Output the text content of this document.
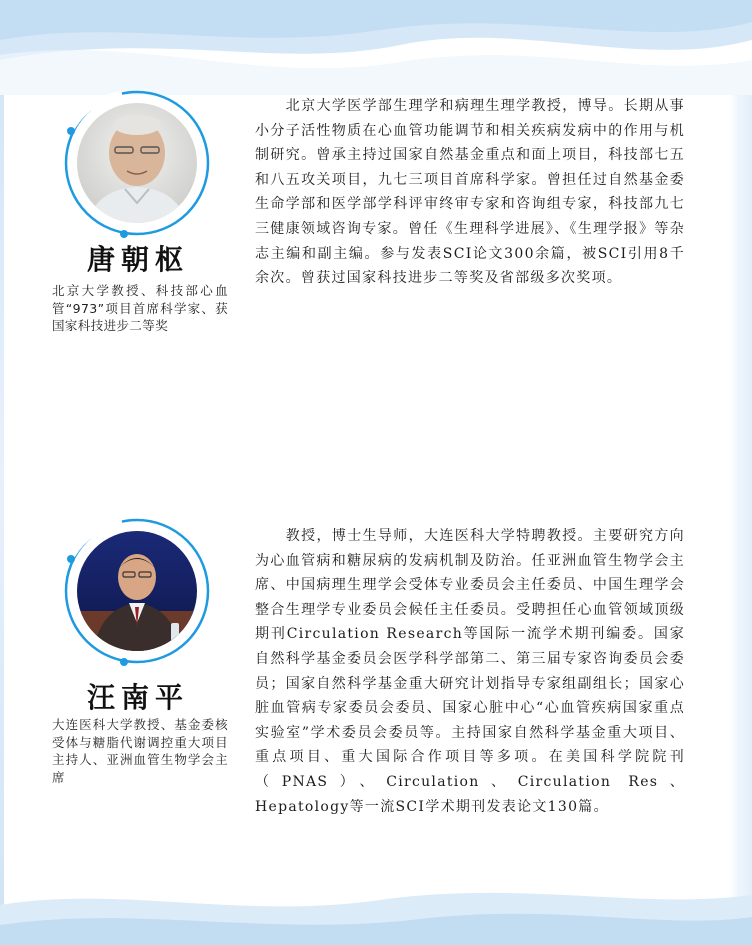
唐朝枢
北京大学教授、科技部心血管“973”项目首席科学家、获国家科技进步二等奖
北京大学医学部生理学和病理生理学教授，博导。长期从事小分子活性物质在心血管功能调节和相关疾病发病中的作用与机制研究。曾承主持过国家自然基金重点和面上项目，科技部七五和八五攻关项目，九七三项目首席科学家。曾担任过自然基金委生命学部和医学部学科评审终审专家和咨询组专家，科技部九七三健康领域咨询专家。曾任《生理科学进展》、《生理学报》等杂志主编和副主编。参与发表SCI论文300余篇，被SCI引用8千余次。曾获过国家科技进步二等奖及省部级多次奖项。
汪南平
大连医科大学教授、基金委核受体与糖脂代谢调控重大项目主持人、亚洲血管生物学会主席
教授，博士生导师，大连医科大学特聘教授。主要研究方向为心血管病和糖尿病的发病机制及防治。任亚洲血管生物学会主席、中国病理生理学会受体专业委员会主任委员、中国生理学会整合生理学专业委员会候任主任委员。受聘担任心血管领域顶级期刊Circulation Research等国际一流学术期刊编委。国家自然科学基金委员会医学科学部第二、第三届专家咨询委员会委员；国家自然科学基金重大研究计划指导专家组副组长；国家心脏血管病专家委员会委员、国家心脏中心“心血管疾病国家重点实验室”学术委员会委员等。主持国家自然科学基金重大项目、重点项目、重大国际合作项目等多项。在美国科学院院刊（PNAS）、Circulation、Circulation Res、Hepatology等一流SCI学术期刊发表论文130篇。
